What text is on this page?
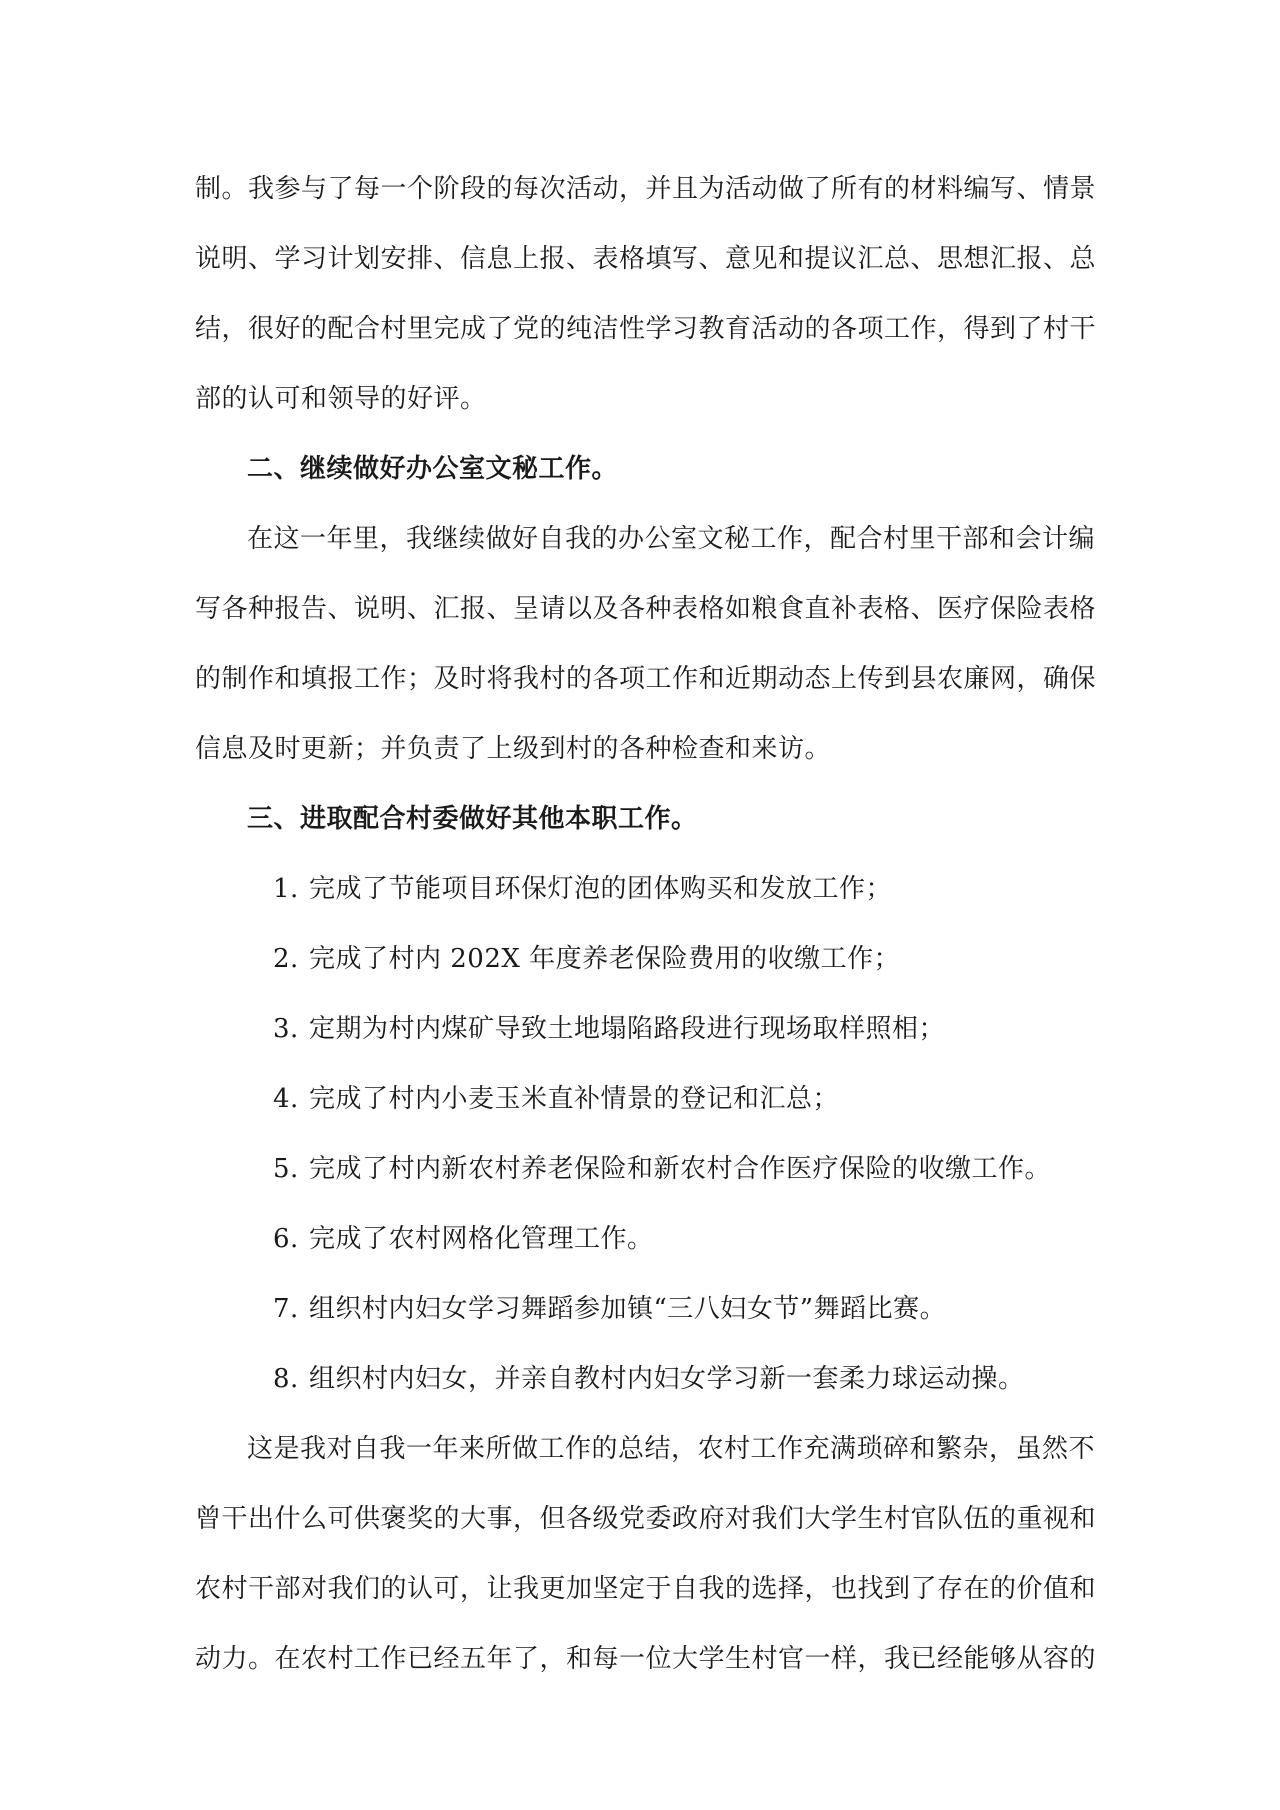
制。我参与了每一个阶段的每次活动，并且为活动做了所有的材料编写、情景
说明、学习计划安排、信息上报、表格填写、意见和提议汇总、思想汇报、总
结，很好的配合村里完成了党的纯洁性学习教育活动的各项工作，得到了村干
部的认可和领导的好评。
二、继续做好办公室文秘工作。
在这一年里，我继续做好自我的办公室文秘工作，配合村里干部和会计编
写各种报告、说明、汇报、呈请以及各种表格如粮食直补表格、医疗保险表格
的制作和填报工作；及时将我村的各项工作和近期动态上传到县农廉网，确保
信息及时更新；并负责了上级到村的各种检查和来访。
三、进取配合村委做好其他本职工作。
1. 完成了节能项目环保灯泡的团体购买和发放工作；
2. 完成了村内 202X 年度养老保险费用的收缴工作；
3. 定期为村内煤矿导致土地塌陷路段进行现场取样照相；
4. 完成了村内小麦玉米直补情景的登记和汇总；
5. 完成了村内新农村养老保险和新农村合作医疗保险的收缴工作。
6. 完成了农村网格化管理工作。
7. 组织村内妇女学习舞蹈参加镇“三八妇女节”舞蹈比赛。
8. 组织村内妇女，并亲自教村内妇女学习新一套柔力球运动操。
这是我对自我一年来所做工作的总结，农村工作充满琐碎和繁杂，虽然不
曾干出什么可供褒奖的大事，但各级党委政府对我们大学生村官队伍的重视和
农村干部对我们的认可，让我更加坚定于自我的选择，也找到了存在的价值和
动力。在农村工作已经五年了，和每一位大学生村官一样，我已经能够从容的
